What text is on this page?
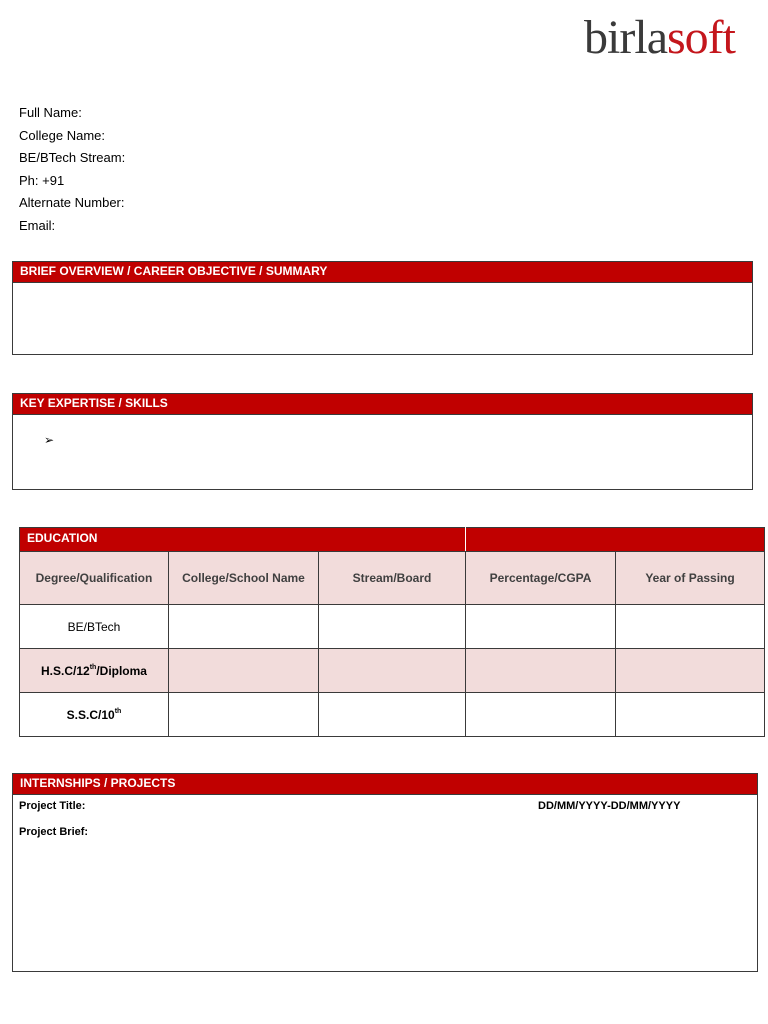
birlasoft
Full Name:
College Name:
BE/BTech Stream:
Ph: +91
Alternate Number:
Email:
BRIEF OVERVIEW / CAREER OBJECTIVE / SUMMARY
KEY EXPERTISE / SKILLS
➢
EDUCATION				
Degree/Qualification	College/School Name	Stream/Board	Percentage/CGPA	Year of Passing
BE/BTech				
H.S.C/12th/Diploma				
S.S.C/10th				
INTERNSHIPS / PROJECTS
Project Title:	DD/MM/YYYY-DD/MM/YYYY
Project Brief:
